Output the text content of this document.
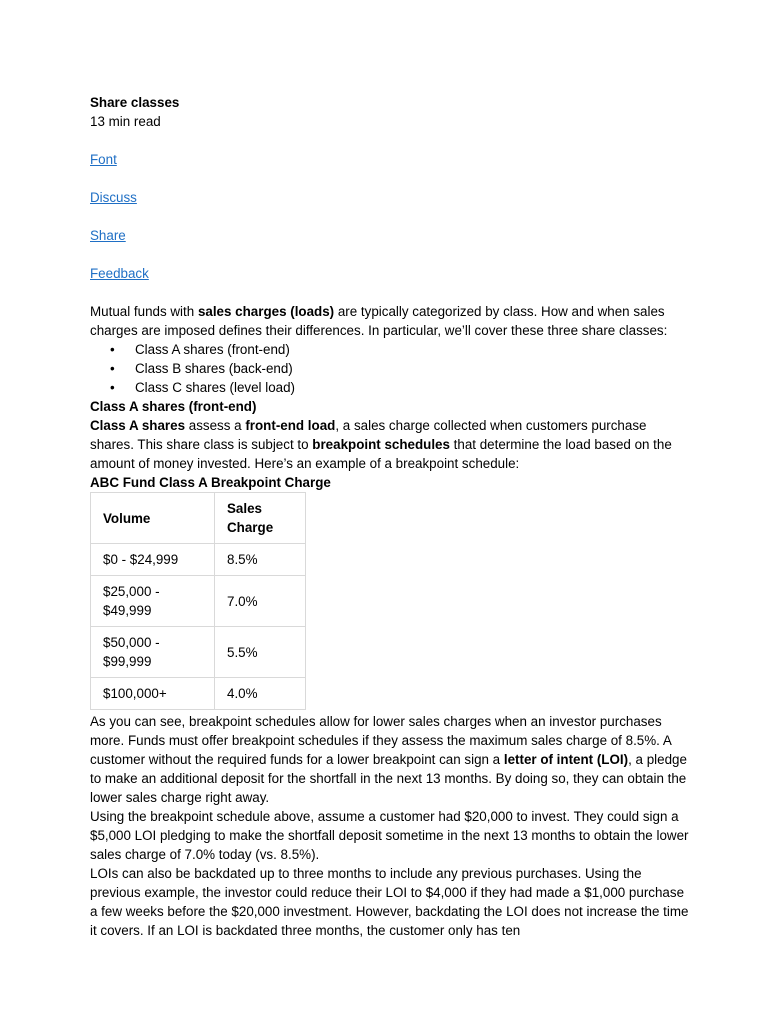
Share classes

13 min read

Font
Discuss
Share
Feedback

Mutual funds with sales charges (loads) are typically categorized by class. How and when sales charges are imposed defines their differences. In particular, we’ll cover these three share classes:

• Class A shares (front-end)
• Class B shares (back-end)
• Class C shares (level load)

Class A shares (front-end)

Class A shares assess a front-end load, a sales charge collected when customers purchase shares. This share class is subject to breakpoint schedules that determine the load based on the amount of money invested. Here’s an example of a breakpoint schedule:

ABC Fund Class A Breakpoint Charge

Volume	Sales Charge
$0 - $24,999	8.5%
$25,000 - $49,999	7.0%
$50,000 - $99,999	5.5%
$100,000+	4.0%

As you can see, breakpoint schedules allow for lower sales charges when an investor purchases more. Funds must offer breakpoint schedules if they assess the maximum sales charge of 8.5%. A customer without the required funds for a lower breakpoint can sign a letter of intent (LOI), a pledge to make an additional deposit for the shortfall in the next 13 months. By doing so, they can obtain the lower sales charge right away.

Using the breakpoint schedule above, assume a customer had $20,000 to invest. They could sign a $5,000 LOI pledging to make the shortfall deposit sometime in the next 13 months to obtain the lower sales charge of 7.0% today (vs. 8.5%).

LOIs can also be backdated up to three months to include any previous purchases. Using the previous example, the investor could reduce their LOI to $4,000 if they had made a $1,000 purchase a few weeks before the $20,000 investment. However, backdating the LOI does not increase the time it covers. If an LOI is backdated three months, the customer only has ten
